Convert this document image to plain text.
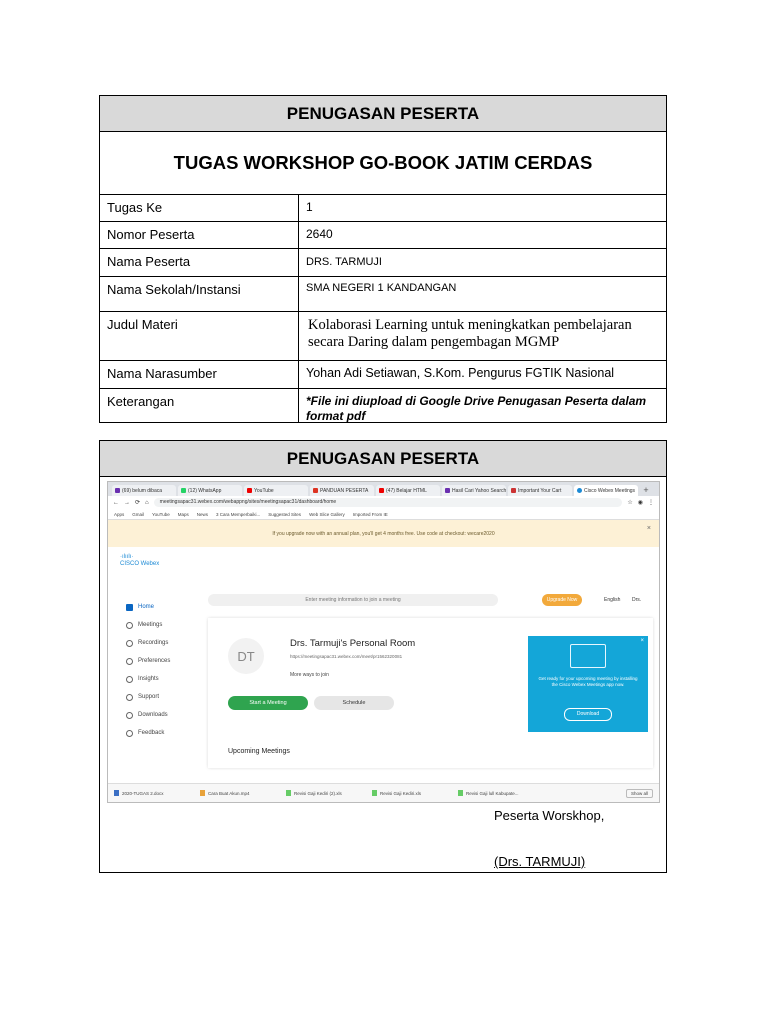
PENUGASAN PESERTA
TUGAS WORKSHOP GO-BOOK JATIM CERDAS
Tugas Ke	1
Nomor Peserta	2640
Nama Peserta	DRS. TARMUJI
Nama Sekolah/Instansi	SMA NEGERI 1 KANDANGAN
Judul Materi	Kolaborasi Learning untuk meningkatkan pembelajaran secara Daring dalam pengembagan MGMP
Nama Narasumber	Yohan Adi Setiawan, S.Kom. Pengurus FGTIK Nasional
Keterangan	*File ini diupload di Google Drive Penugasan Peserta dalam format pdf
PENUGASAN PESERTA
(69) belum dibaca	(12) WhatsApp	YouTube	PANDUAN PESERTA	(47) Belajar HTML	Hasil Cari Yahoo Search Important Your Cart	Cisco Webex Meetings +
← → ⟳ ⌂	meetingsapac31.webex.com/webappng/sites/meetingsapac31/dashboard/home	☆ ◉ ⋮
Apps Gmail YouTube Maps News 3 Cara Memperbaiki... Suggested Sites Web Slice Gallery Imported From IE
If you upgrade now with an annual plan, you'll get 4 months free. Use code at checkout: wecare2020
×
·ılıılı·
CISCO Webex
Home
Meetings
Recordings
Preferences
Insights
Support
Downloads
Feedback
Enter meeting information to join a meeting	Upgrade Now	English Drs.
DT
Drs. Tarmuji's Personal Room
https://meetingsapac31.webex.com/meet/pr1562320081
More ways to join
Start a Meeting	Schedule
Upcoming Meetings
×
Get ready for your upcoming meeting by installing the Cisco Webex Meetings app now.
Download
2020-TUGAS 2.docx	Cara Buat Akun.mp4	Revisi Gaji Kediri (2).xls	Revisi Gaji Kediri.xls	Revisi Gaji lull Kabupate...	Show all
Peserta Worskhop,
(Drs. TARMUJI)
